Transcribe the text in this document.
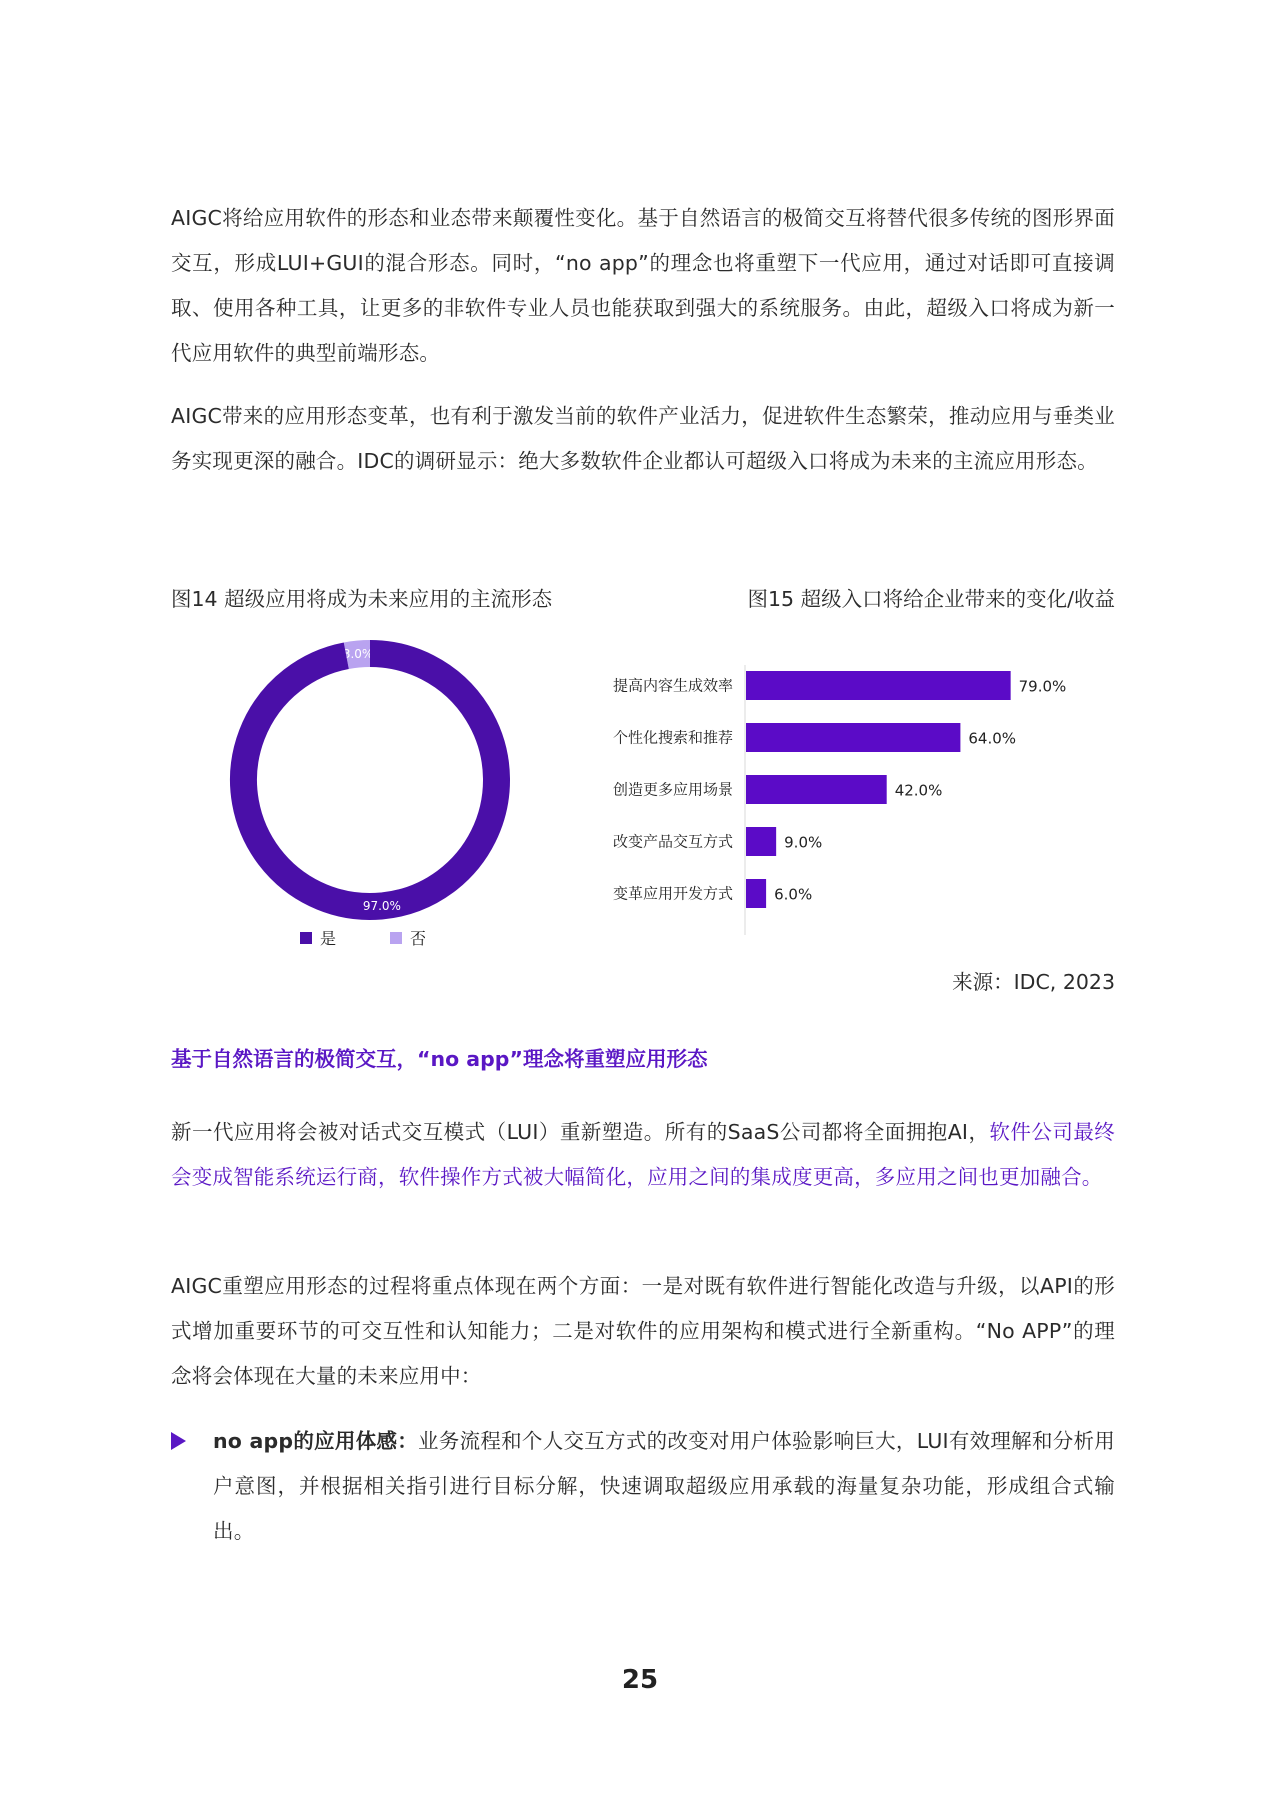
AIGC将给应用软件的形态和业态带来颠覆性变化。基于自然语言的极简交互将替代很多传统的图形界面交互，形成LUI+GUI的混合形态。同时，“no app”的理念也将重塑下一代应用，通过对话即可直接调取、使用各种工具，让更多的非软件专业人员也能获取到强大的系统服务。由此，超级入口将成为新一代应用软件的典型前端形态。

AIGC带来的应用形态变革，也有利于激发当前的软件产业活力，促进软件生态繁荣，推动应用与垂类业务实现更深的融合。IDC的调研显示：绝大多数软件企业都认可超级入口将成为未来的主流应用形态。

图14 超级应用将成为未来应用的主流形态	图15 超级入口将给企业带来的变化/收益

3.0%
97.0%
是	否
提高内容生成效率	79.0%
个性化搜索和推荐	64.0%
创造更多应用场景	42.0%
改变产品交互方式	9.0%
变革应用开发方式	6.0%

来源：IDC, 2023

基于自然语言的极简交互，“no app”理念将重塑应用形态

新一代应用将会被对话式交互模式（LUI）重新塑造。所有的SaaS公司都将全面拥抱AI，软件公司最终会变成智能系统运行商，软件操作方式被大幅简化，应用之间的集成度更高，多应用之间也更加融合。

AIGC重塑应用形态的过程将重点体现在两个方面：一是对既有软件进行智能化改造与升级，以API的形式增加重要环节的可交互性和认知能力；二是对软件的应用架构和模式进行全新重构。“No APP”的理念将会体现在大量的未来应用中：

no app的应用体感：业务流程和个人交互方式的改变对用户体验影响巨大，LUI有效理解和分析用户意图，并根据相关指引进行目标分解，快速调取超级应用承载的海量复杂功能，形成组合式输出。

25
